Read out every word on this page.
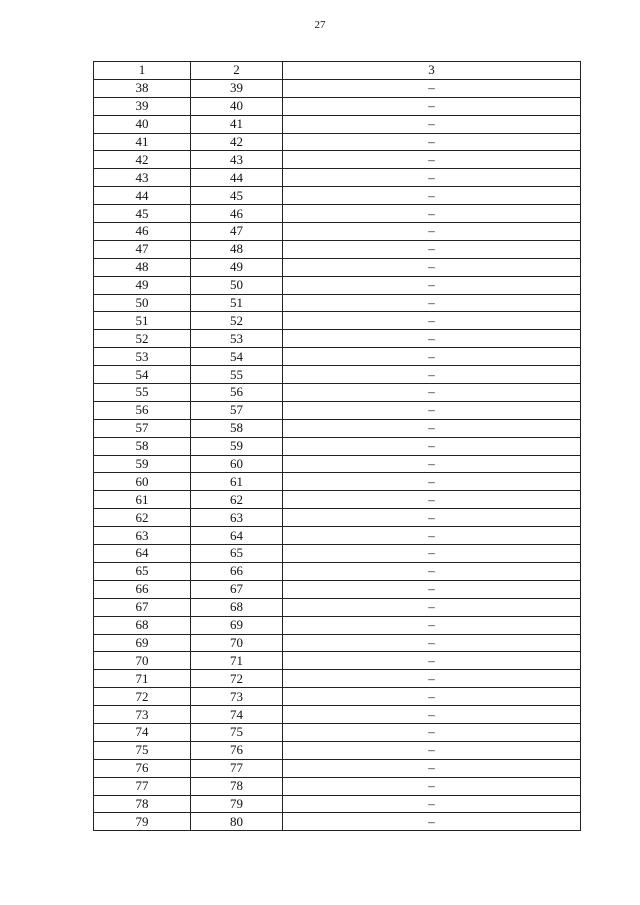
27
1	2	3
38	39	–
39	40	–
40	41	–
41	42	–
42	43	–
43	44	–
44	45	–
45	46	–
46	47	–
47	48	–
48	49	–
49	50	–
50	51	–
51	52	–
52	53	–
53	54	–
54	55	–
55	56	–
56	57	–
57	58	–
58	59	–
59	60	–
60	61	–
61	62	–
62	63	–
63	64	–
64	65	–
65	66	–
66	67	–
67	68	–
68	69	–
69	70	–
70	71	–
71	72	–
72	73	–
73	74	–
74	75	–
75	76	–
76	77	–
77	78	–
78	79	–
79	80	–
